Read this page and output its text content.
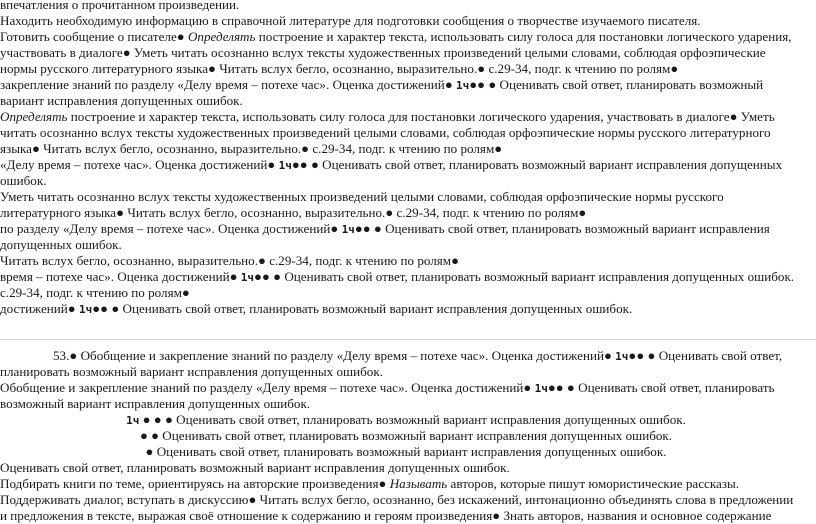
впечатления о прочитанном произведении.
Находить необходимую информацию в справочной литературе для подготовки сообщения о творчестве изучаемого писателя.
Готовить сообщение о писателе● Определять построение и характер текста, использовать силу голоса для постановки логического ударения,
участвовать в диалоге● Уметь читать осознанно вслух тексты художественных произведений целыми словами, соблюдая орфоэпические
нормы русского литературного языка● Читать вслух бегло, осознанно, выразительно.● с.29-34, подг. к чтению по ролям●
закрепление знаний по разделу «Делу время – потехе час». Оценка достижений● 1ч●● ● Оценивать свой ответ, планировать возможный
вариант исправления допущенных ошибок.
Определять построение и характер текста, использовать силу голоса для постановки логического ударения, участвовать в диалоге● Уметь
читать осознанно вслух тексты художественных произведений целыми словами, соблюдая орфоэпические нормы русского литературного
языка● Читать вслух бегло, осознанно, выразительно.● с.29-34, подг. к чтению по ролям●
«Делу время – потехе час». Оценка достижений● 1ч●● ● Оценивать свой ответ, планировать возможный вариант исправления допущенных
ошибок.
Уметь читать осознанно вслух тексты художественных произведений целыми словами, соблюдая орфоэпические нормы русского
литературного языка● Читать вслух бегло, осознанно, выразительно.● с.29-34, подг. к чтению по ролям●
по разделу «Делу время – потехе час». Оценка достижений● 1ч●● ● Оценивать свой ответ, планировать возможный вариант исправления
допущенных ошибок.
Читать вслух бегло, осознанно, выразительно.● с.29-34, подг. к чтению по ролям●
время – потехе час». Оценка достижений● 1ч●● ● Оценивать свой ответ, планировать возможный вариант исправления допущенных ошибок.
с.29-34, подг. к чтению по ролям●
достижений● 1ч●● ● Оценивать свой ответ, планировать возможный вариант исправления допущенных ошибок.
53.● Обобщение и закрепление знаний по разделу «Делу время – потехе час». Оценка достижений● 1ч●● ● Оценивать свой ответ,
планировать возможный вариант исправления допущенных ошибок.
Обобщение и закрепление знаний по разделу «Делу время – потехе час». Оценка достижений● 1ч●● ● Оценивать свой ответ, планировать
возможный вариант исправления допущенных ошибок.
1ч ● ● ● Оценивать свой ответ, планировать возможный вариант исправления допущенных ошибок.
● ● Оценивать свой ответ, планировать возможный вариант исправления допущенных ошибок.
● Оценивать свой ответ, планировать возможный вариант исправления допущенных ошибок.
Оценивать свой ответ, планировать возможный вариант исправления допущенных ошибок.
Подбирать книги по теме, ориентируясь на авторские произведения● Называть авторов, которые пишут юмористические рассказы.
Поддерживать диалог, вступать в дискуссию● Читать вслух бегло, осознанно, без искажений, интонационно объединять слова в предложении
и предложения в тексте, выражая своё отношение к содержанию и героям произведения● Знать авторов, названия и основное содержание
